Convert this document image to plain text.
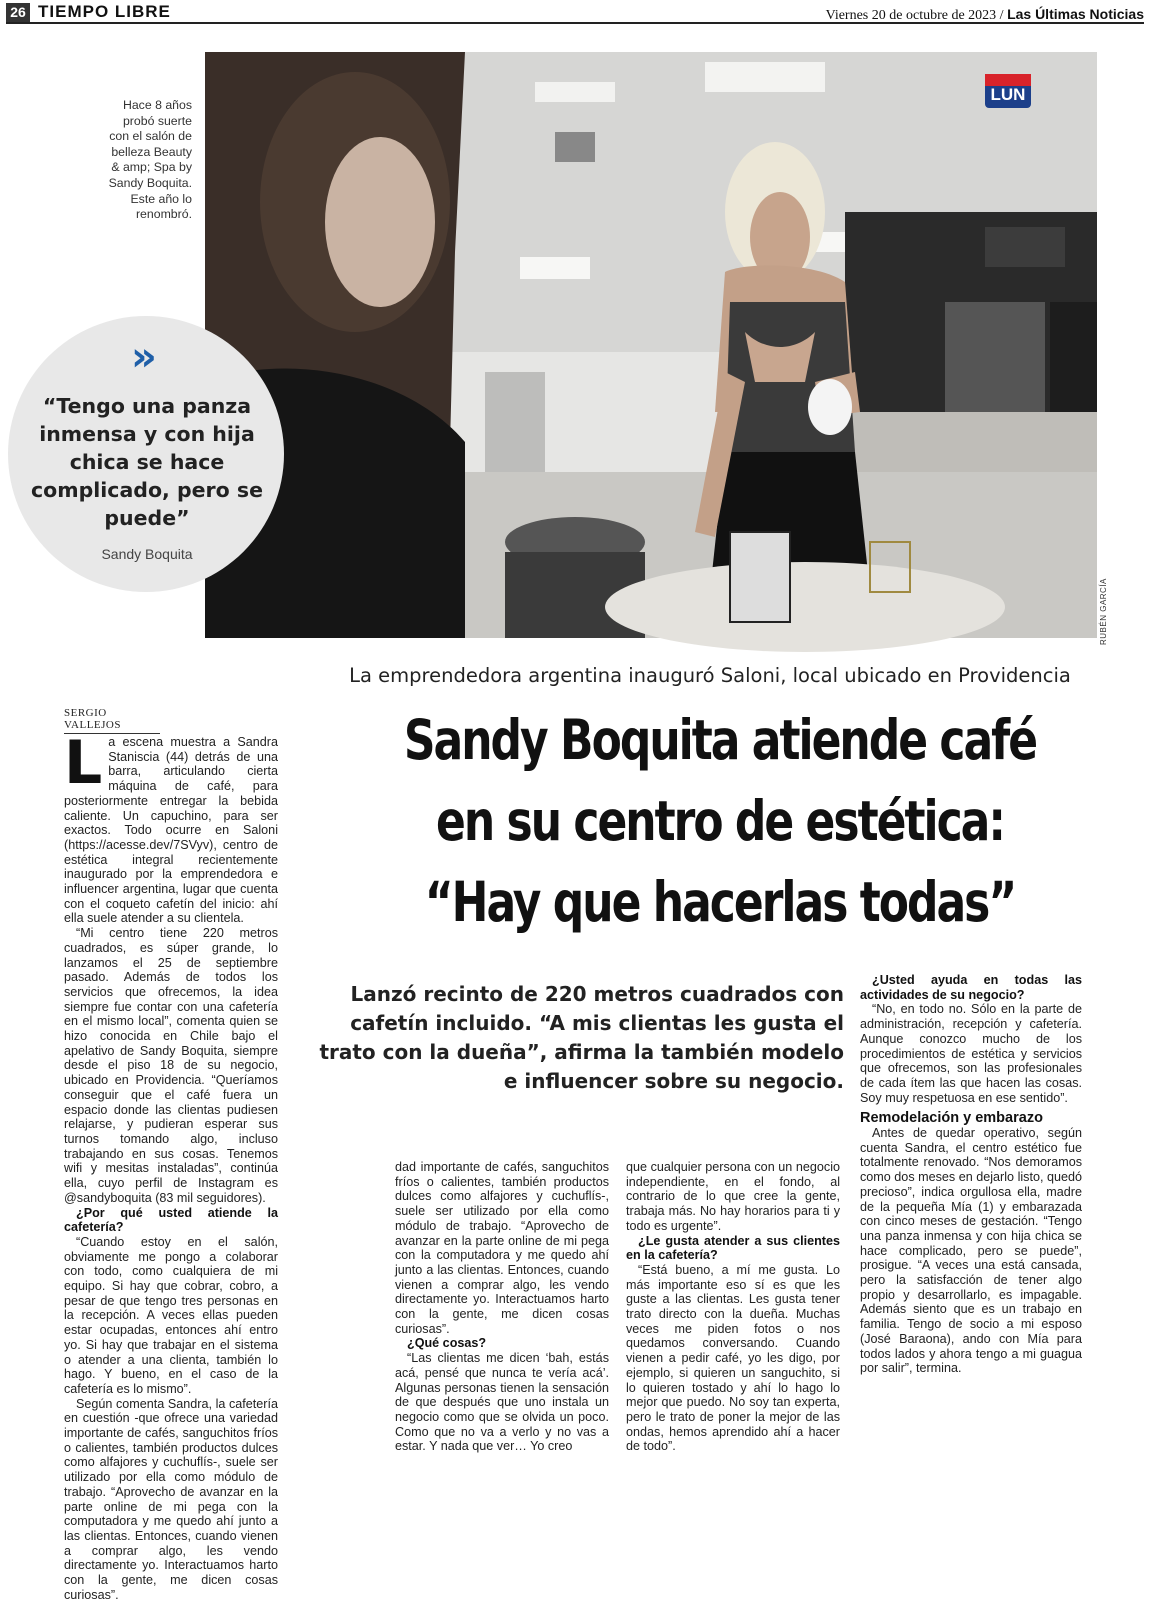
26 TIEMPO LIBRE	Viernes 20 de octubre de 2023 / Las Últimas Noticias
LUN
RUBÉN GARCÍA
Hace 8 años probó suerte con el salón de belleza Beauty & amp; Spa by Sandy Boquita. Este año lo renombró.
»
“Tengo una panza inmensa y con hija chica se hace complicado, pero se puede”
Sandy Boquita
La emprendedora argentina inauguró Saloni, local ubicado en Providencia
Sandy Boquita atiende café
en su centro de estética:
“Hay que hacerlas todas”
Lanzó recinto de 220 metros cuadrados con cafetín incluido. “A mis clientas les gusta el trato con la dueña”, afirma la también modelo e influencer sobre su negocio.
SERGIO VALLEJOS

La escena muestra a Sandra Staniscia (44) detrás de una barra, articulando cierta máquina de café, para posteriormente entregar la bebida caliente. Un capuchino, para ser exactos. Todo ocurre en Saloni (https://acesse.dev/7SVyv), centro de estética integral recientemente inaugurado por la emprendedora e influencer argentina, lugar que cuenta con el coqueto cafetín del inicio: ahí ella suele atender a su clientela.

“Mi centro tiene 220 metros cuadrados, es súper grande, lo lanzamos el 25 de septiembre pasado. Además de todos los servicios que ofrecemos, la idea siempre fue contar con una cafetería en el mismo local”, comenta quien se hizo conocida en Chile bajo el apelativo de Sandy Boquita, siempre desde el piso 18 de su negocio, ubicado en Providencia. “Queríamos conseguir que el café fuera un espacio donde las clientas pudiesen relajarse, y pudieran esperar sus turnos tomando algo, incluso trabajando en sus cosas. Tenemos wifi y mesitas instaladas”, continúa ella, cuyo perfil de Instagram es @sandyboquita (83 mil seguidores).

¿Por qué usted atiende la cafetería?

“Cuando estoy en el salón, obviamente me pongo a colaborar con todo, como cualquiera de mi equipo. Si hay que cobrar, cobro, a pesar de que tengo tres personas en la recepción. A veces ellas pueden estar ocupadas, entonces ahí entro yo. Si hay que trabajar en el sistema o atender a una clienta, también lo hago. Y bueno, en el caso de la cafetería es lo mismo”.

Según comenta Sandra, la cafetería en cuestión -que ofrece una variedad importante de cafés, sanguchitos fríos o calientes, también productos dulces como alfajores y cuchuflís-, suele ser utilizado por ella como módulo de trabajo. “Aprovecho de avanzar en la parte online de mi pega con la computadora y me quedo ahí junto a las clientas. Entonces, cuando vienen a comprar algo, les vendo directamente yo. Interactuamos harto con la gente, me dicen cosas curiosas”.

dad importante de cafés, sanguchitos fríos o calientes, también productos dulces como alfajores y cuchuflís-, suele ser utilizado por ella como módulo de trabajo. “Aprovecho de avanzar en la parte online de mi pega con la computadora y me quedo ahí junto a las clientas. Entonces, cuando vienen a comprar algo, les vendo directamente yo. Interactuamos harto con la gente, me dicen cosas curiosas”.

¿Qué cosas?

“Las clientas me dicen ‘bah, estás acá, pensé que nunca te vería acá’. Algunas personas tienen la sensación de que después que uno instala un negocio como que se olvida un poco. Como que no va a verlo y no vas a estar. Y nada que ver… Yo creo

que cualquier persona con un negocio independiente, en el fondo, al contrario de lo que cree la gente, trabaja más. No hay horarios para ti y todo es urgente”.

¿Le gusta atender a sus clientes en la cafetería?

“Está bueno, a mí me gusta. Lo más importante eso sí es que les guste a las clientas. Les gusta tener trato directo con la dueña. Muchas veces me piden fotos o nos quedamos conversando. Cuando vienen a pedir café, yo les digo, por ejemplo, si quieren un sanguchito, si lo quieren tostado y ahí lo hago lo mejor que puedo. No soy tan experta, pero le trato de poner la mejor de las ondas, hemos aprendido ahí a hacer de todo”.

¿Usted ayuda en todas las actividades de su negocio?

“No, en todo no. Sólo en la parte de administración, recepción y cafetería. Aunque conozco mucho de los procedimientos de estética y servicios que ofrecemos, son las profesionales de cada ítem las que hacen las cosas. Soy muy respetuosa en ese sentido”.

Remodelación y embarazo

Antes de quedar operativo, según cuenta Sandra, el centro estético fue totalmente renovado. “Nos demoramos como dos meses en dejarlo listo, quedó precioso”, indica orgullosa ella, madre de la pequeña Mía (1) y embarazada con cinco meses de gestación. “Tengo una panza inmensa y con hija chica se hace complicado, pero se puede”, prosigue. “A veces una está cansada, pero la satisfacción de tener algo propio y desarrollarlo, es impagable. Además siento que es un trabajo en familia. Tengo de socio a mi esposo (José Baraona), ando con Mía para todos lados y ahora tengo a mi guagua por salir”, termina.
